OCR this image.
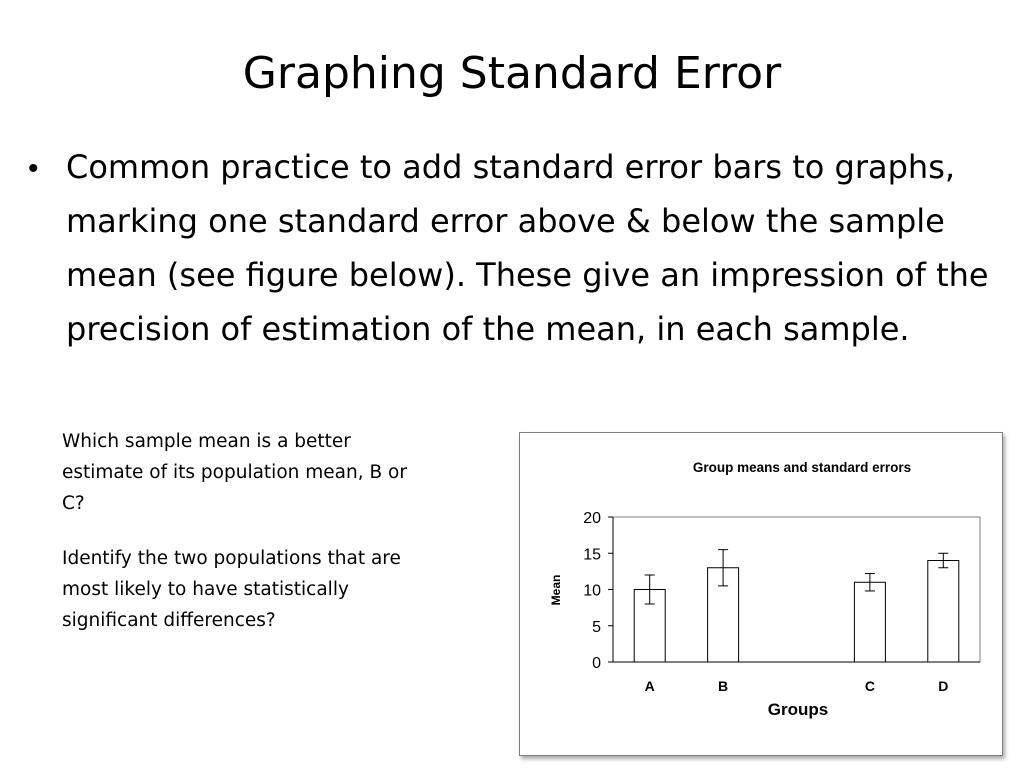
Graphing Standard Error
• Common practice to add standard error bars to graphs, marking one standard error above & below the sample mean (see figure below). These give an impression of the precision of estimation of the mean, in each sample.

Which sample mean is a better estimate of its population mean, B or C?

Identify the two populations that are most likely to have statistically significant differences?

Group means and standard errors
Mean
Groups
0
5
10
15
20
A	B	C	D
